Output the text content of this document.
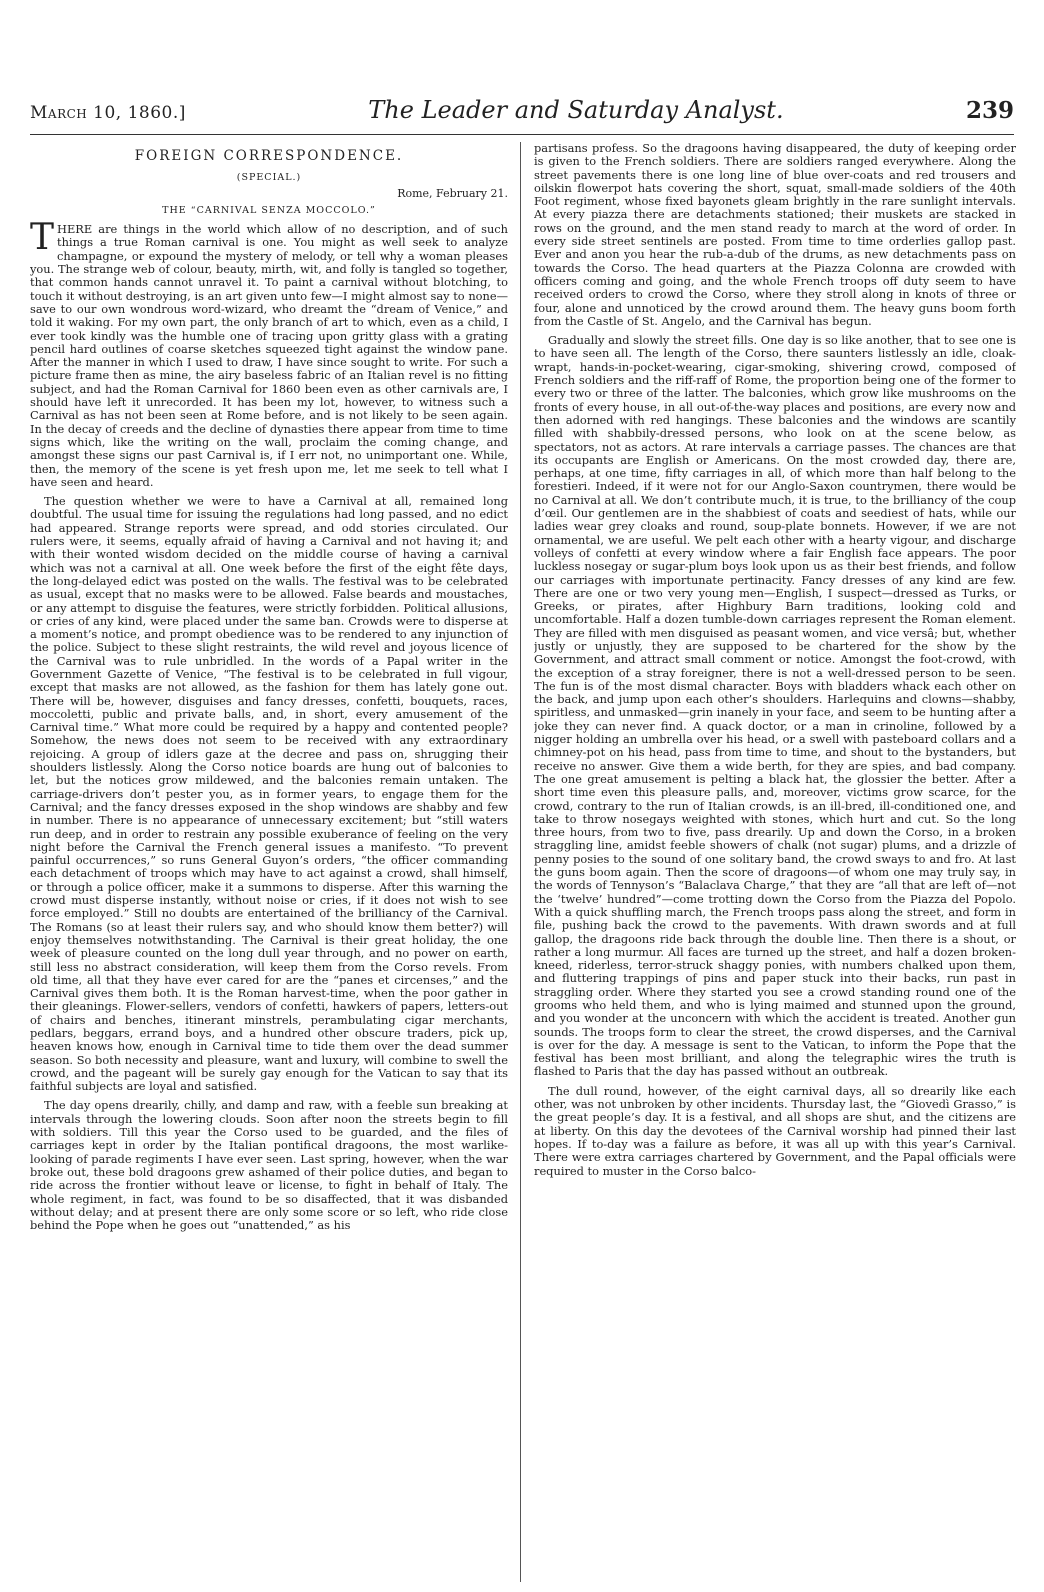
March 10, 1860.]	The Leader and Saturday Analyst.	239
FOREIGN CORRESPONDENCE.
(SPECIAL.)
Rome, February 21.
THE “CARNIVAL SENZA MOCCOLO.”

THERE are things in the world which allow of no description, and of such things a true Roman carnival is one. You might as well seek to analyze champagne, or expound the mystery of melody, or tell why a woman pleases you. The strange web of colour, beauty, mirth, wit, and folly is tangled so together, that common hands cannot unravel it. To paint a carnival without blotching, to touch it without destroying, is an art given unto few—I might almost say to none—save to our own wondrous word-wizard, who dreamt the “dream of Venice,” and told it waking. For my own part, the only branch of art to which, even as a child, I ever took kindly was the humble one of tracing upon gritty glass with a grating pencil hard outlines of coarse sketches squeezed tight against the window pane. After the manner in which I used to draw, I have since sought to write. For such a picture frame then as mine, the airy baseless fabric of an Italian revel is no fitting subject, and had the Roman Carnival for 1860 been even as other carnivals are, I should have left it unrecorded. It has been my lot, however, to witness such a Carnival as has not been seen at Rome before, and is not likely to be seen again. In the decay of creeds and the decline of dynasties there appear from time to time signs which, like the writing on the wall, proclaim the coming change, and amongst these signs our past Carnival is, if I err not, no unimportant one. While, then, the memory of the scene is yet fresh upon me, let me seek to tell what I have seen and heard.

The question whether we were to have a Carnival at all, remained long doubtful. The usual time for issuing the regulations had long passed, and no edict had appeared. Strange reports were spread, and odd stories circulated. Our rulers were, it seems, equally afraid of having a Carnival and not having it; and with their wonted wisdom decided on the middle course of having a carnival which was not a carnival at all. One week before the first of the eight fête days, the long-delayed edict was posted on the walls. The festival was to be celebrated as usual, except that no masks were to be allowed. False beards and moustaches, or any attempt to disguise the features, were strictly forbidden. Political allusions, or cries of any kind, were placed under the same ban. Crowds were to disperse at a moment’s notice, and prompt obedience was to be rendered to any injunction of the police. Subject to these slight restraints, the wild revel and joyous licence of the Carnival was to rule unbridled. In the words of a Papal writer in the Government Gazette of Venice, “The festival is to be celebrated in full vigour, except that masks are not allowed, as the fashion for them has lately gone out. There will be, however, disguises and fancy dresses, confetti, bouquets, races, moccoletti, public and private balls, and, in short, every amusement of the Carnival time.” What more could be required by a happy and contented people? Somehow, the news does not seem to be received with any extraordinary rejoicing. A group of idlers gaze at the decree and pass on, shrugging their shoulders listlessly. Along the Corso notice boards are hung out of balconies to let, but the notices grow mildewed, and the balconies remain untaken. The carriage-drivers don’t pester you, as in former years, to engage them for the Carnival; and the fancy dresses exposed in the shop windows are shabby and few in number. There is no appearance of unnecessary excitement; but “still waters run deep, and in order to restrain any possible exuberance of feeling on the very night before the Carnival the French general issues a manifesto. “To prevent painful occurrences,” so runs General Guyon’s orders, “the officer commanding each detachment of troops which may have to act against a crowd, shall himself, or through a police officer, make it a summons to disperse. After this warning the crowd must disperse instantly, without noise or cries, if it does not wish to see force employed.” Still no doubts are entertained of the brilliancy of the Carnival. The Romans (so at least their rulers say, and who should know them better?) will enjoy themselves notwithstanding. The Carnival is their great holiday, the one week of pleasure counted on the long dull year through, and no power on earth, still less no abstract consideration, will keep them from the Corso revels. From old time, all that they have ever cared for are the “panes et circenses,” and the Carnival gives them both. It is the Roman harvest-time, when the poor gather in their gleanings. Flower-sellers, vendors of confetti, hawkers of papers, letters-out of chairs and benches, itinerant minstrels, perambulating cigar merchants, pedlars, beggars, errand boys, and a hundred other obscure traders, pick up, heaven knows how, enough in Carnival time to tide them over the dead summer season. So both necessity and pleasure, want and luxury, will combine to swell the crowd, and the pageant will be surely gay enough for the Vatican to say that its faithful subjects are loyal and satisfied.

The day opens drearily, chilly, and damp and raw, with a feeble sun breaking at intervals through the lowering clouds. Soon after noon the streets begin to fill with soldiers. Till this year the Corso used to be guarded, and the files of carriages kept in order by the Italian pontifical dragoons, the most warlike-looking of parade regiments I have ever seen. Last spring, however, when the war broke out, these bold dragoons grew ashamed of their police duties, and began to ride across the frontier without leave or license, to fight in behalf of Italy. The whole regiment, in fact, was found to be so disaffected, that it was disbanded without delay; and at present there are only some score or so left, who ride close behind the Pope when he goes out “unattended,” as his

partisans profess. So the dragoons having disappeared, the duty of keeping order is given to the French soldiers. There are soldiers ranged everywhere. Along the street pavements there is one long line of blue over-coats and red trousers and oilskin flowerpot hats covering the short, squat, small-made soldiers of the 40th Foot regiment, whose fixed bayonets gleam brightly in the rare sunlight intervals. At every piazza there are detachments stationed; their muskets are stacked in rows on the ground, and the men stand ready to march at the word of order. In every side street sentinels are posted. From time to time orderlies gallop past. Ever and anon you hear the rub-a-dub of the drums, as new detachments pass on towards the Corso. The head quarters at the Piazza Colonna are crowded with officers coming and going, and the whole French troops off duty seem to have received orders to crowd the Corso, where they stroll along in knots of three or four, alone and unnoticed by the crowd around them. The heavy guns boom forth from the Castle of St. Angelo, and the Carnival has begun.

Gradually and slowly the street fills. One day is so like another, that to see one is to have seen all. The length of the Corso, there saunters listlessly an idle, cloak-wrapt, hands-in-pocket-wearing, cigar-smoking, shivering crowd, composed of French soldiers and the riff-raff of Rome, the proportion being one of the former to every two or three of the latter. The balconies, which grow like mushrooms on the fronts of every house, in all out-of-the-way places and positions, are every now and then adorned with red hangings. These balconies and the windows are scantily filled with shabbily-dressed persons, who look on at the scene below, as spectators, not as actors. At rare intervals a carriage passes. The chances are that its occupants are English or Americans. On the most crowded day, there are, perhaps, at one time, fifty carriages in all, of which more than half belong to the forestieri. Indeed, if it were not for our Anglo-Saxon countrymen, there would be no Carnival at all. We don’t contribute much, it is true, to the brilliancy of the coup d’œil. Our gentlemen are in the shabbiest of coats and seediest of hats, while our ladies wear grey cloaks and round, soup-plate bonnets. However, if we are not ornamental, we are useful. We pelt each other with a hearty vigour, and discharge volleys of confetti at every window where a fair English face appears. The poor luckless nosegay or sugar-plum boys look upon us as their best friends, and follow our carriages with importunate pertinacity. Fancy dresses of any kind are few. There are one or two very young men—English, I suspect—dressed as Turks, or Greeks, or pirates, after Highbury Barn traditions, looking cold and uncomfortable. Half a dozen tumble-down carriages represent the Roman element. They are filled with men disguised as peasant women, and vice versâ; but, whether justly or unjustly, they are supposed to be chartered for the show by the Government, and attract small comment or notice. Amongst the foot-crowd, with the exception of a stray foreigner, there is not a well-dressed person to be seen. The fun is of the most dismal character. Boys with bladders whack each other on the back, and jump upon each other’s shoulders. Harlequins and clowns—shabby, spiritless, and unmasked—grin inanely in your face, and seem to be hunting after a joke they can never find. A quack doctor, or a man in crinoline, followed by a nigger holding an umbrella over his head, or a swell with pasteboard collars and a chimney-pot on his head, pass from time to time, and shout to the bystanders, but receive no answer. Give them a wide berth, for they are spies, and bad company. The one great amusement is pelting a black hat, the glossier the better. After a short time even this pleasure palls, and, moreover, victims grow scarce, for the crowd, contrary to the run of Italian crowds, is an ill-bred, ill-conditioned one, and take to throw nosegays weighted with stones, which hurt and cut. So the long three hours, from two to five, pass drearily. Up and down the Corso, in a broken straggling line, amidst feeble showers of chalk (not sugar) plums, and a drizzle of penny posies to the sound of one solitary band, the crowd sways to and fro. At last the guns boom again. Then the score of dragoons—of whom one may truly say, in the words of Tennyson’s “Balaclava Charge,” that they are “all that are left of—not the ‘twelve’ hundred”—come trotting down the Corso from the Piazza del Popolo. With a quick shuffling march, the French troops pass along the street, and form in file, pushing back the crowd to the pavements. With drawn swords and at full gallop, the dragoons ride back through the double line. Then there is a shout, or rather a long murmur. All faces are turned up the street, and half a dozen broken-kneed, riderless, terror-struck shaggy ponies, with numbers chalked upon them, and fluttering trappings of pins and paper stuck into their backs, run past in straggling order. Where they started you see a crowd standing round one of the grooms who held them, and who is lying maimed and stunned upon the ground, and you wonder at the unconcern with which the accident is treated. Another gun sounds. The troops form to clear the street, the crowd disperses, and the Carnival is over for the day. A message is sent to the Vatican, to inform the Pope that the festival has been most brilliant, and along the telegraphic wires the truth is flashed to Paris that the day has passed without an outbreak.

The dull round, however, of the eight carnival days, all so drearily like each other, was not unbroken by other incidents. Thursday last, the “Giovedì Grasso,” is the great people’s day. It is a festival, and all shops are shut, and the citizens are at liberty. On this day the devotees of the Carnival worship had pinned their last hopes. If to-day was a failure as before, it was all up with this year’s Carnival. There were extra carriages chartered by Government, and the Papal officials were required to muster in the Corso balco-
